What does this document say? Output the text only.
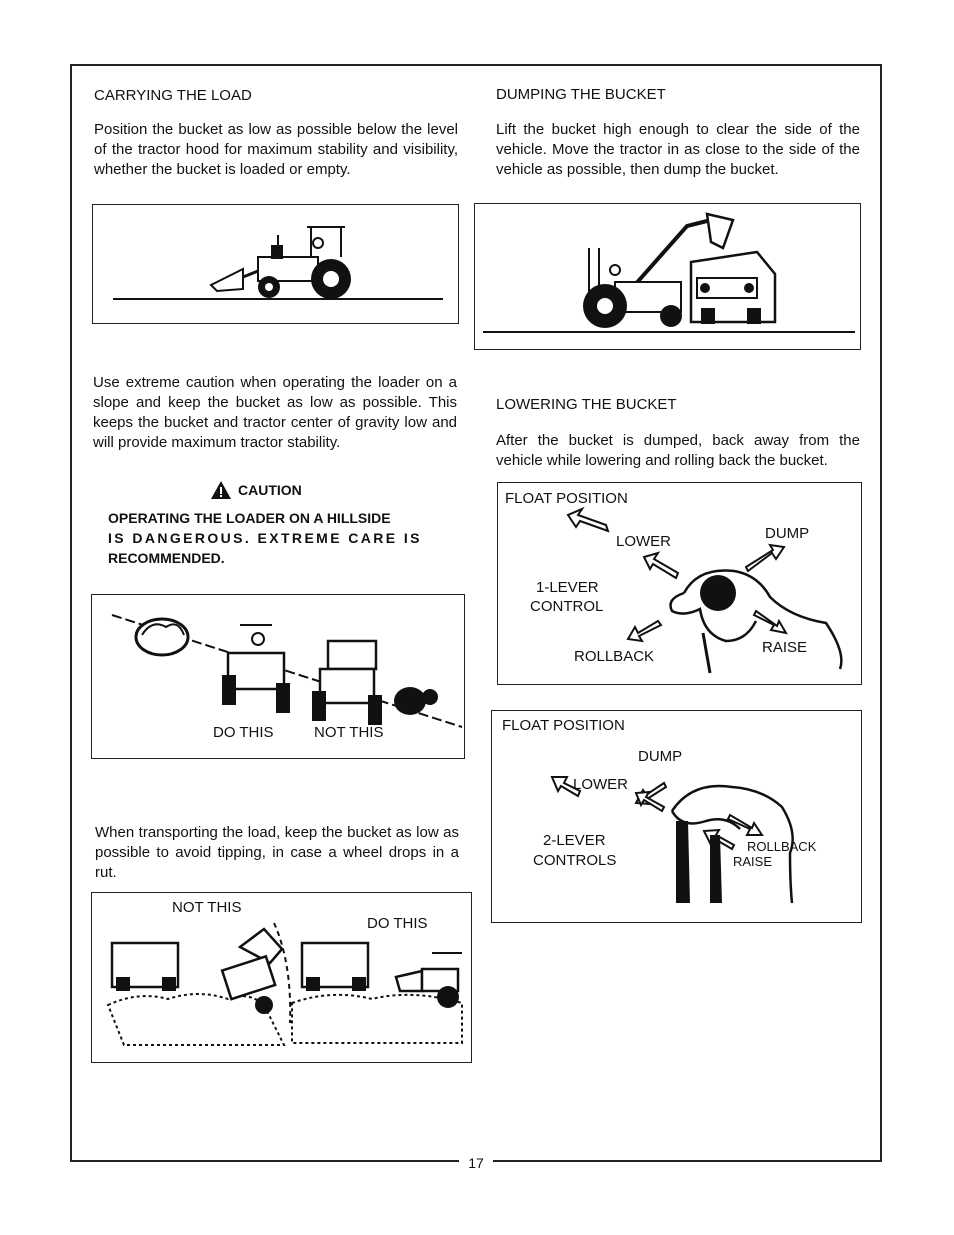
17

CARRYING THE LOAD

Position the bucket as low as possible below the level of the tractor hood for maximum stability and visibility, whether the bucket is loaded or empty.

DUMPING THE BUCKET

Lift the bucket high enough to clear the side of the vehicle. Move the tractor in as close to the side of the vehicle as possible, then dump the bucket.

Use extreme caution when operating the loader on a slope and keep the bucket as low as possible. This keeps the bucket and tractor center of gravity low and will provide maximum tractor stability.

CAUTION
OPERATING THE LOADER ON A HILLSIDE
IS DANGEROUS. EXTREME CARE IS
RECOMMENDED.
DO THIS	NOT THIS

LOWERING THE BUCKET

After the bucket is dumped, back away from the vehicle while lowering and rolling back the bucket.

FLOAT POSITION
LOWER	DUMP
1-LEVER
CONTROL
ROLLBACK
RAISE
FLOAT POSITION
DUMP
LOWER
2-LEVER
CONTROLS
ROLLBACK
RAISE

When transporting the load, keep the bucket as low as possible to avoid tipping, in case a wheel drops in a rut.

NOT THIS
DO THIS
